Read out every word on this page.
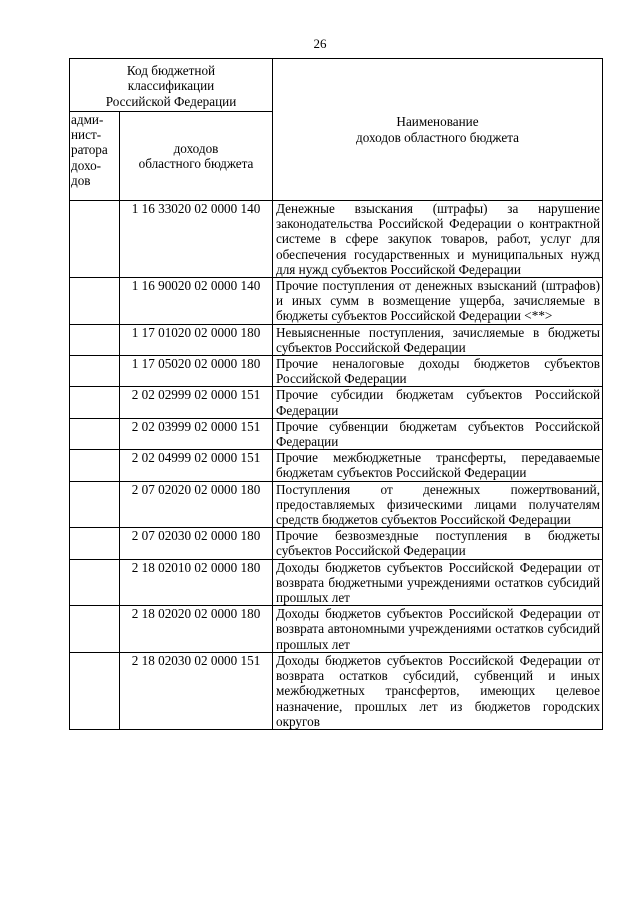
26
Код бюджетной
классификации
Российской Федерации		Наименование
доходов областного бюджета

адми-
нист-
ратора
дохо-
дов	доходов
областного бюджета	

	1 16 33020 02 0000 140	Денежные взыскания (штрафы) за нарушение законодательства Российской Федерации о контрактной системе в сфере закупок товаров, работ, услуг для обеспечения государственных и муниципальных нужд для нужд субъектов Российской Федерации
	1 16 90020 02 0000 140	Прочие поступления от денежных взысканий (штрафов) и иных сумм в возмещение ущерба, зачисляемые в бюджеты субъектов Российской Федерации <**>
	1 17 01020 02 0000 180	Невыясненные поступления, зачисляемые в бюджеты субъектов Российской Федерации
	1 17 05020 02 0000 180	Прочие неналоговые доходы бюджетов субъектов Российской Федерации
	2 02 02999 02 0000 151	Прочие субсидии бюджетам субъектов Российской Федерации
	2 02 03999 02 0000 151	Прочие субвенции бюджетам субъектов Российской Федерации
	2 02 04999 02 0000 151	Прочие межбюджетные трансферты, передаваемые бюджетам субъектов Российской Федерации
	2 07 02020 02 0000 180	Поступления от денежных пожертвований, предоставляемых физическими лицами получателям средств бюджетов субъектов Российской Федерации
	2 07 02030 02 0000 180	Прочие безвозмездные поступления в бюджеты субъектов Российской Федерации
	2 18 02010 02 0000 180	Доходы бюджетов субъектов Российской Федерации от возврата бюджетными учреждениями остатков субсидий прошлых лет
	2 18 02020 02 0000 180	Доходы бюджетов субъектов Российской Федерации от возврата автономными учреждениями остатков субсидий прошлых лет
	2 18 02030 02 0000 151	Доходы бюджетов субъектов Российской Федерации от возврата остатков субсидий, субвенций и иных межбюджетных трансфертов, имеющих целевое назначение, прошлых лет из бюджетов городских округов
